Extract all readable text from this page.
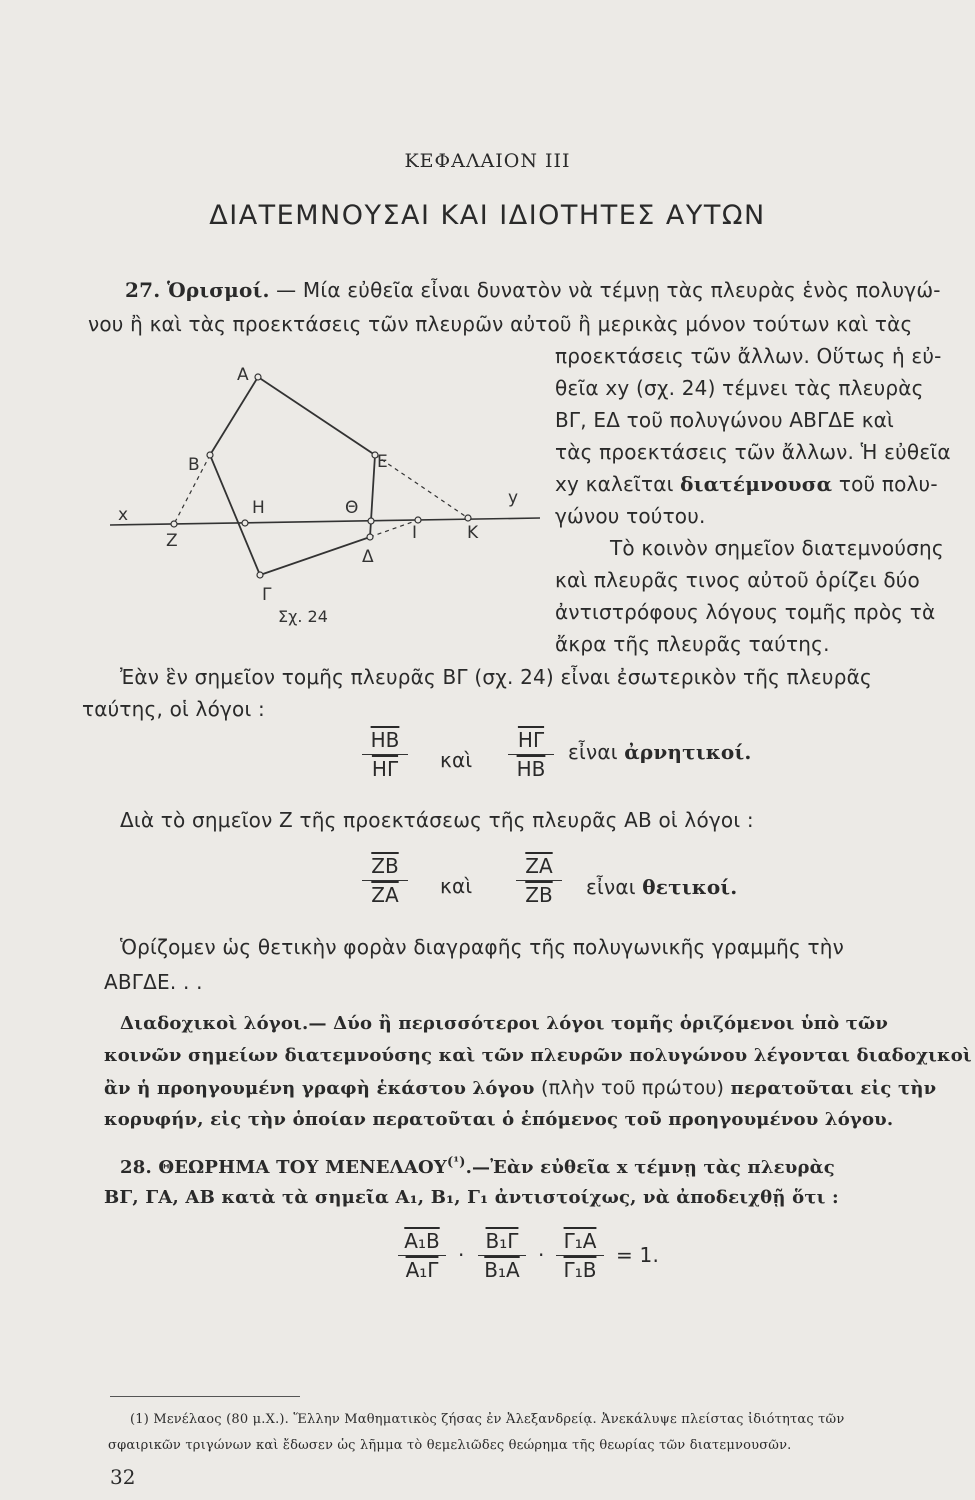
ΚΕΦΑΛΑΙΟΝ III
ΔΙΑΤΕΜΝΟΥΣΑΙ ΚΑΙ ΙΔΙΟΤΗΤΕΣ ΑΥΤΩΝ
27. Ὁρισμοί. — Μία εὐθεῖα εἶναι δυνατὸν νὰ τέμνῃ τὰς πλευρὰς ἑνὸς πολυγώ-
νου ἢ καὶ τὰς προεκτάσεις τῶν πλευρῶν αὐτοῦ ἢ μερικὰς μόνον τούτων καὶ τὰς
προεκτάσεις τῶν ἄλλων. Οὕτως ἡ εὐ-
θεῖα xy (σχ. 24) τέμνει τὰς πλευρὰς
ΒΓ, ΕΔ τοῦ πολυγώνου ΑΒΓΔΕ καὶ
τὰς προεκτάσεις τῶν ἄλλων. Ἡ εὐθεῖα
xy καλεῖται διατέμνουσα τοῦ πολυ-
γώνου τούτου.
Τὸ κοινὸν σημεῖον διατεμνούσης
καὶ πλευρᾶς τινος αὐτοῦ ὁρίζει δύο
ἀντιστρόφους λόγους τομῆς πρὸς τὰ
ἄκρα τῆς πλευρᾶς ταύτης.
Α
Β
Γ
Δ
Ε
Ζ
Η	Θ
Ι	Κ
x
y
Σχ. 24
Ἐὰν ἓν σημεῖον τομῆς πλευρᾶς ΒΓ (σχ. 24) εἶναι ἐσωτερικὸν τῆς πλευρᾶς
ταύτης, οἱ λόγοι :
$\frac{\overline{HB}}{H\Gamma}$ καὶ $\frac{\overline{H\Gamma}}{HB}$ εἶναι ἀρνητικοί.
Διὰ τὸ σημεῖον Ζ τῆς προεκτάσεως τῆς πλευρᾶς ΑΒ οἱ λόγοι :
$\frac{\overline{ZB}}{ZA}$ καὶ $\frac{\overline{ZA}}{ZB}$ εἶναι θετικοί.
Ὁρίζομεν ὡς θετικὴν φορὰν διαγραφῆς τῆς πολυγωνικῆς γραμμῆς τὴν
ΑΒΓΔΕ. . .
Διαδοχικοὶ λόγοι.— Δύο ἢ περισσότεροι λόγοι τομῆς ὁριζόμενοι ὑπὸ τῶν
κοινῶν σημείων διατεμνούσης καὶ τῶν πλευρῶν πολυγώνου λέγονται διαδοχικοὶ
ἂν ἡ προηγουμένη γραφὴ ἑκάστου λόγου (πλὴν τοῦ πρώτου) περατοῦται εἰς τὴν
κορυφήν, εἰς τὴν ὁποίαν περατοῦται ὁ ἑπόμενος τοῦ προηγουμένου λόγου.
28. ΘΕΩΡΗΜΑ ΤΟΥ $MENE\Lambda AO\Upsilon^{(^1)}.—Ἐὰ\nu$ εὐθεῖα x τέμνῃ τὰς πλευρὰς
ΒΓ, ΓΑ, ΑΒ κατὰ τὰ σημεῖα Α₁, Β₁, Γ₁ ἀντιστοίχως, νὰ ἀποδειχθῇ ὅτι :
$\frac{\text{Α₁Β}}{\text{Α₁Γ}} \cdot \frac{\text{Β₁Γ}}{\text{Β₁Α}} \cdot \frac{\text{Γ₁Α}}{\text{Γ₁Β}} = 1$.
(1) Μενέλαος (80 μ.Χ.). Ἕλλην Μαθηματικὸς ζήσας ἐν Ἀλεξανδρείᾳ. Ἀνεκάλυψε πλείστας ἰδιότητας τῶν
σφαιρικῶν τριγώνων καὶ ἔδωσεν ὡς λῆμμα τὸ θεμελιῶδες θεώρημα τῆς θεωρίας τῶν διατεμνουσῶν.
32
